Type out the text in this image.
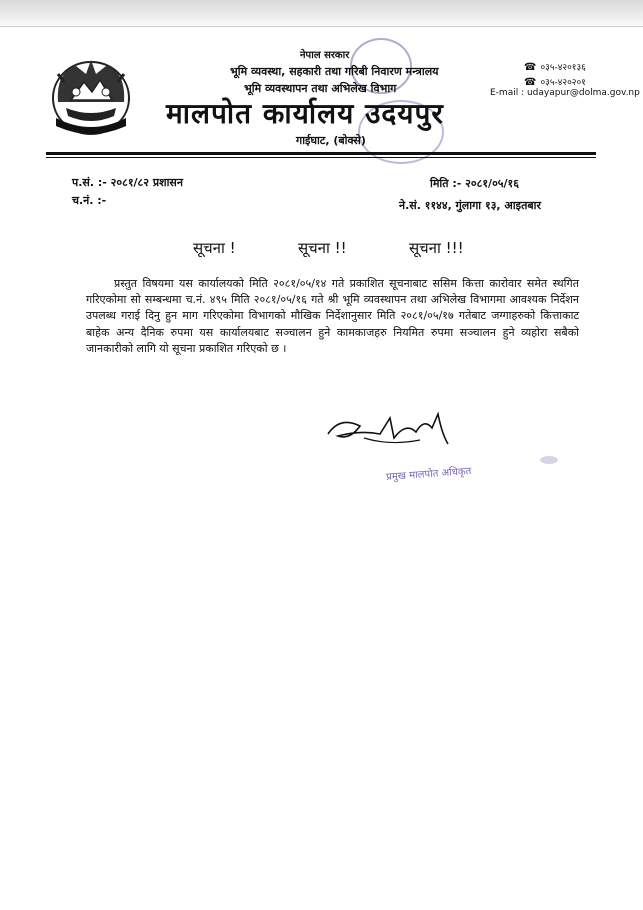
नेपाल सरकार
भूमि व्यवस्था, सहकारी तथा गरिबी निवारण मन्त्रालय
भूमि व्यवस्थापन तथा अभिलेख विभाग
मालपोत कार्यालय उदयपुर
गाईघाट, (बोक्से)
☎ ०३५-४२०१३६
☎ ०३५-४२०२०१
E-mail : udayapur@dolma.gov.np
प.सं. :- २०८१/८२ प्रशासन
च.नं. :-
मिति :- २०८१/०५/१६
ने.सं. ११४४, गुंलागा १३, आइतबार
सूचना !	सूचना !!	सूचना !!!
प्रस्तुत विषयमा यस कार्यालयको मिति २०८१/०५/१४ गते प्रकाशित सूचनाबाट ससिम कित्ता कारोवार समेत स्थगित गरिएकोमा सो सम्बन्धमा च.नं. ४९५ मिति २०८१/०५/१६ गते श्री भूमि व्यवस्थापन तथा अभिलेख विभागमा आवश्यक निर्देशन उपलब्ध गराई दिनु हुन माग गरिएकोमा विभागको मौखिक निर्देशानुसार मिति २०८१/०५/१७ गतेबाट जग्गाहरुको कित्ताकाट बाहेक अन्य दैनिक रुपमा यस कार्यालयबाट सञ्चालन हुने कामकाजहरु नियमित रुपमा सञ्चालन हुने व्यहोरा सबैको जानकारीको लागि यो सूचना प्रकाशित गरिएको छ ।
प्रमुख मालपोत अधिकृत
